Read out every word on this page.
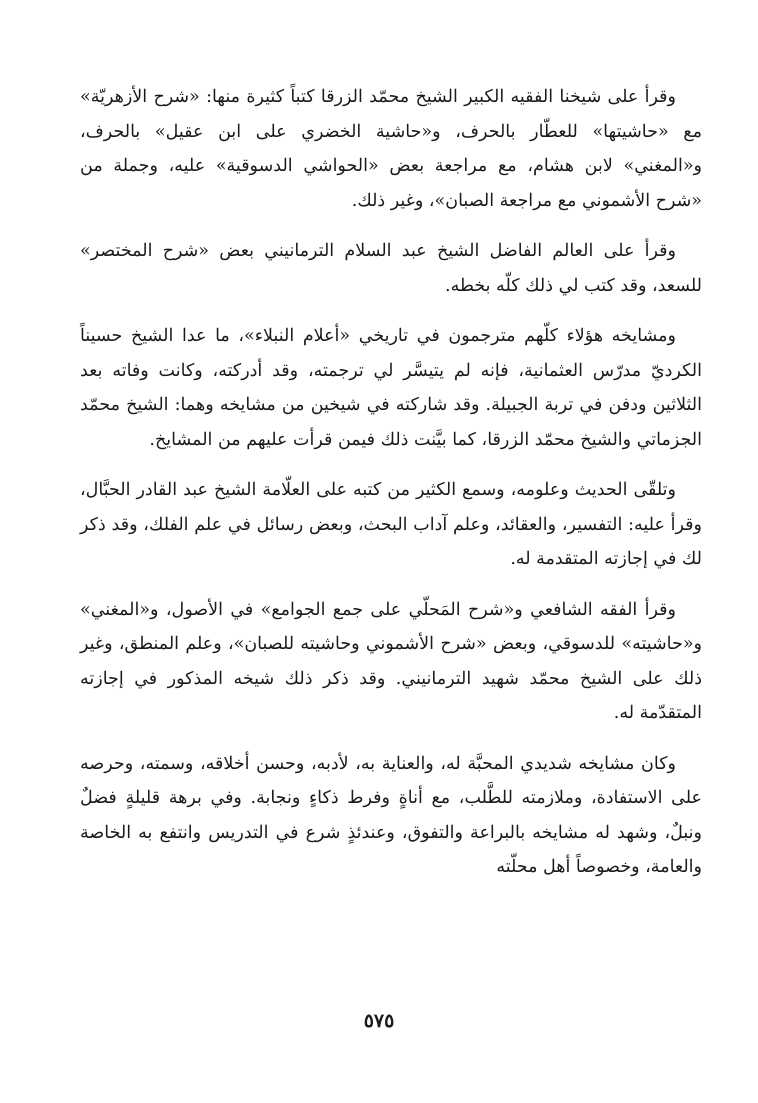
وقرأ على شيخنا الفقيه الكبير الشيخ محمّد الزرقا كتباً كثيرة منها: «شرح الأزهريّة» مع «حاشيتها» للعطّار بالحرف، و«حاشية الخضري على ابن عقيل» بالحرف، و«المغني» لابن هشام، مع مراجعة بعض «الحواشي الدسوقية» عليه، وجملة من «شرح الأشموني مع مراجعة الصبان»، وغير ذلك.

وقرأ على العالم الفاضل الشيخ عبد السلام الترمانيني بعض «شرح المختصر» للسعد، وقد كتب لي ذلك كلّه بخطه.

ومشايخه هؤلاء كلّهم مترجمون في تاريخي «أعلام النبلاء»، ما عدا الشيخ حسيناً الكرديّ مدرّس العثمانية، فإنه لم يتيسَّر لي ترجمته، وقد أدركته، وكانت وفاته بعد الثلاثين ودفن في تربة الجبيلة. وقد شاركته في شيخين من مشايخه وهما: الشيخ محمّد الجزماتي والشيخ محمّد الزرقا، كما بيَّنت ذلك فيمن قرأت عليهم من المشايخ.

وتلقّى الحديث وعلومه، وسمع الكثير من كتبه على العلّامة الشيخ عبد القادر الحبَّال، وقرأ عليه: التفسير، والعقائد، وعلم آداب البحث، وبعض رسائل في علم الفلك، وقد ذكر لك في إجازته المتقدمة له.

وقرأ الفقه الشافعي و«شرح المَحلّي على جمع الجوامع» في الأصول، و«المغني» و«حاشيته» للدسوقي، وبعض «شرح الأشموني وحاشيته للصبان»، وعلم المنطق، وغير ذلك على الشيخ محمّد شهيد الترمانيني. وقد ذكر ذلك شيخه المذكور في إجازته المتقدّمة له.

وكان مشايخه شديدي المحبَّة له، والعناية به، لأدبه، وحسن أخلاقه، وسمته، وحرصه على الاستفادة، وملازمته للطَّلب، مع أناةٍ وفرط ذكاءٍ ونجابة. وفي برهة قليلةٍ فضلٌ ونبلٌ، وشهد له مشايخه بالبراعة والتفوق، وعندئذٍ شرع في التدريس وانتفع به الخاصة والعامة، وخصوصاً أهل محلّته

٥٧٥
